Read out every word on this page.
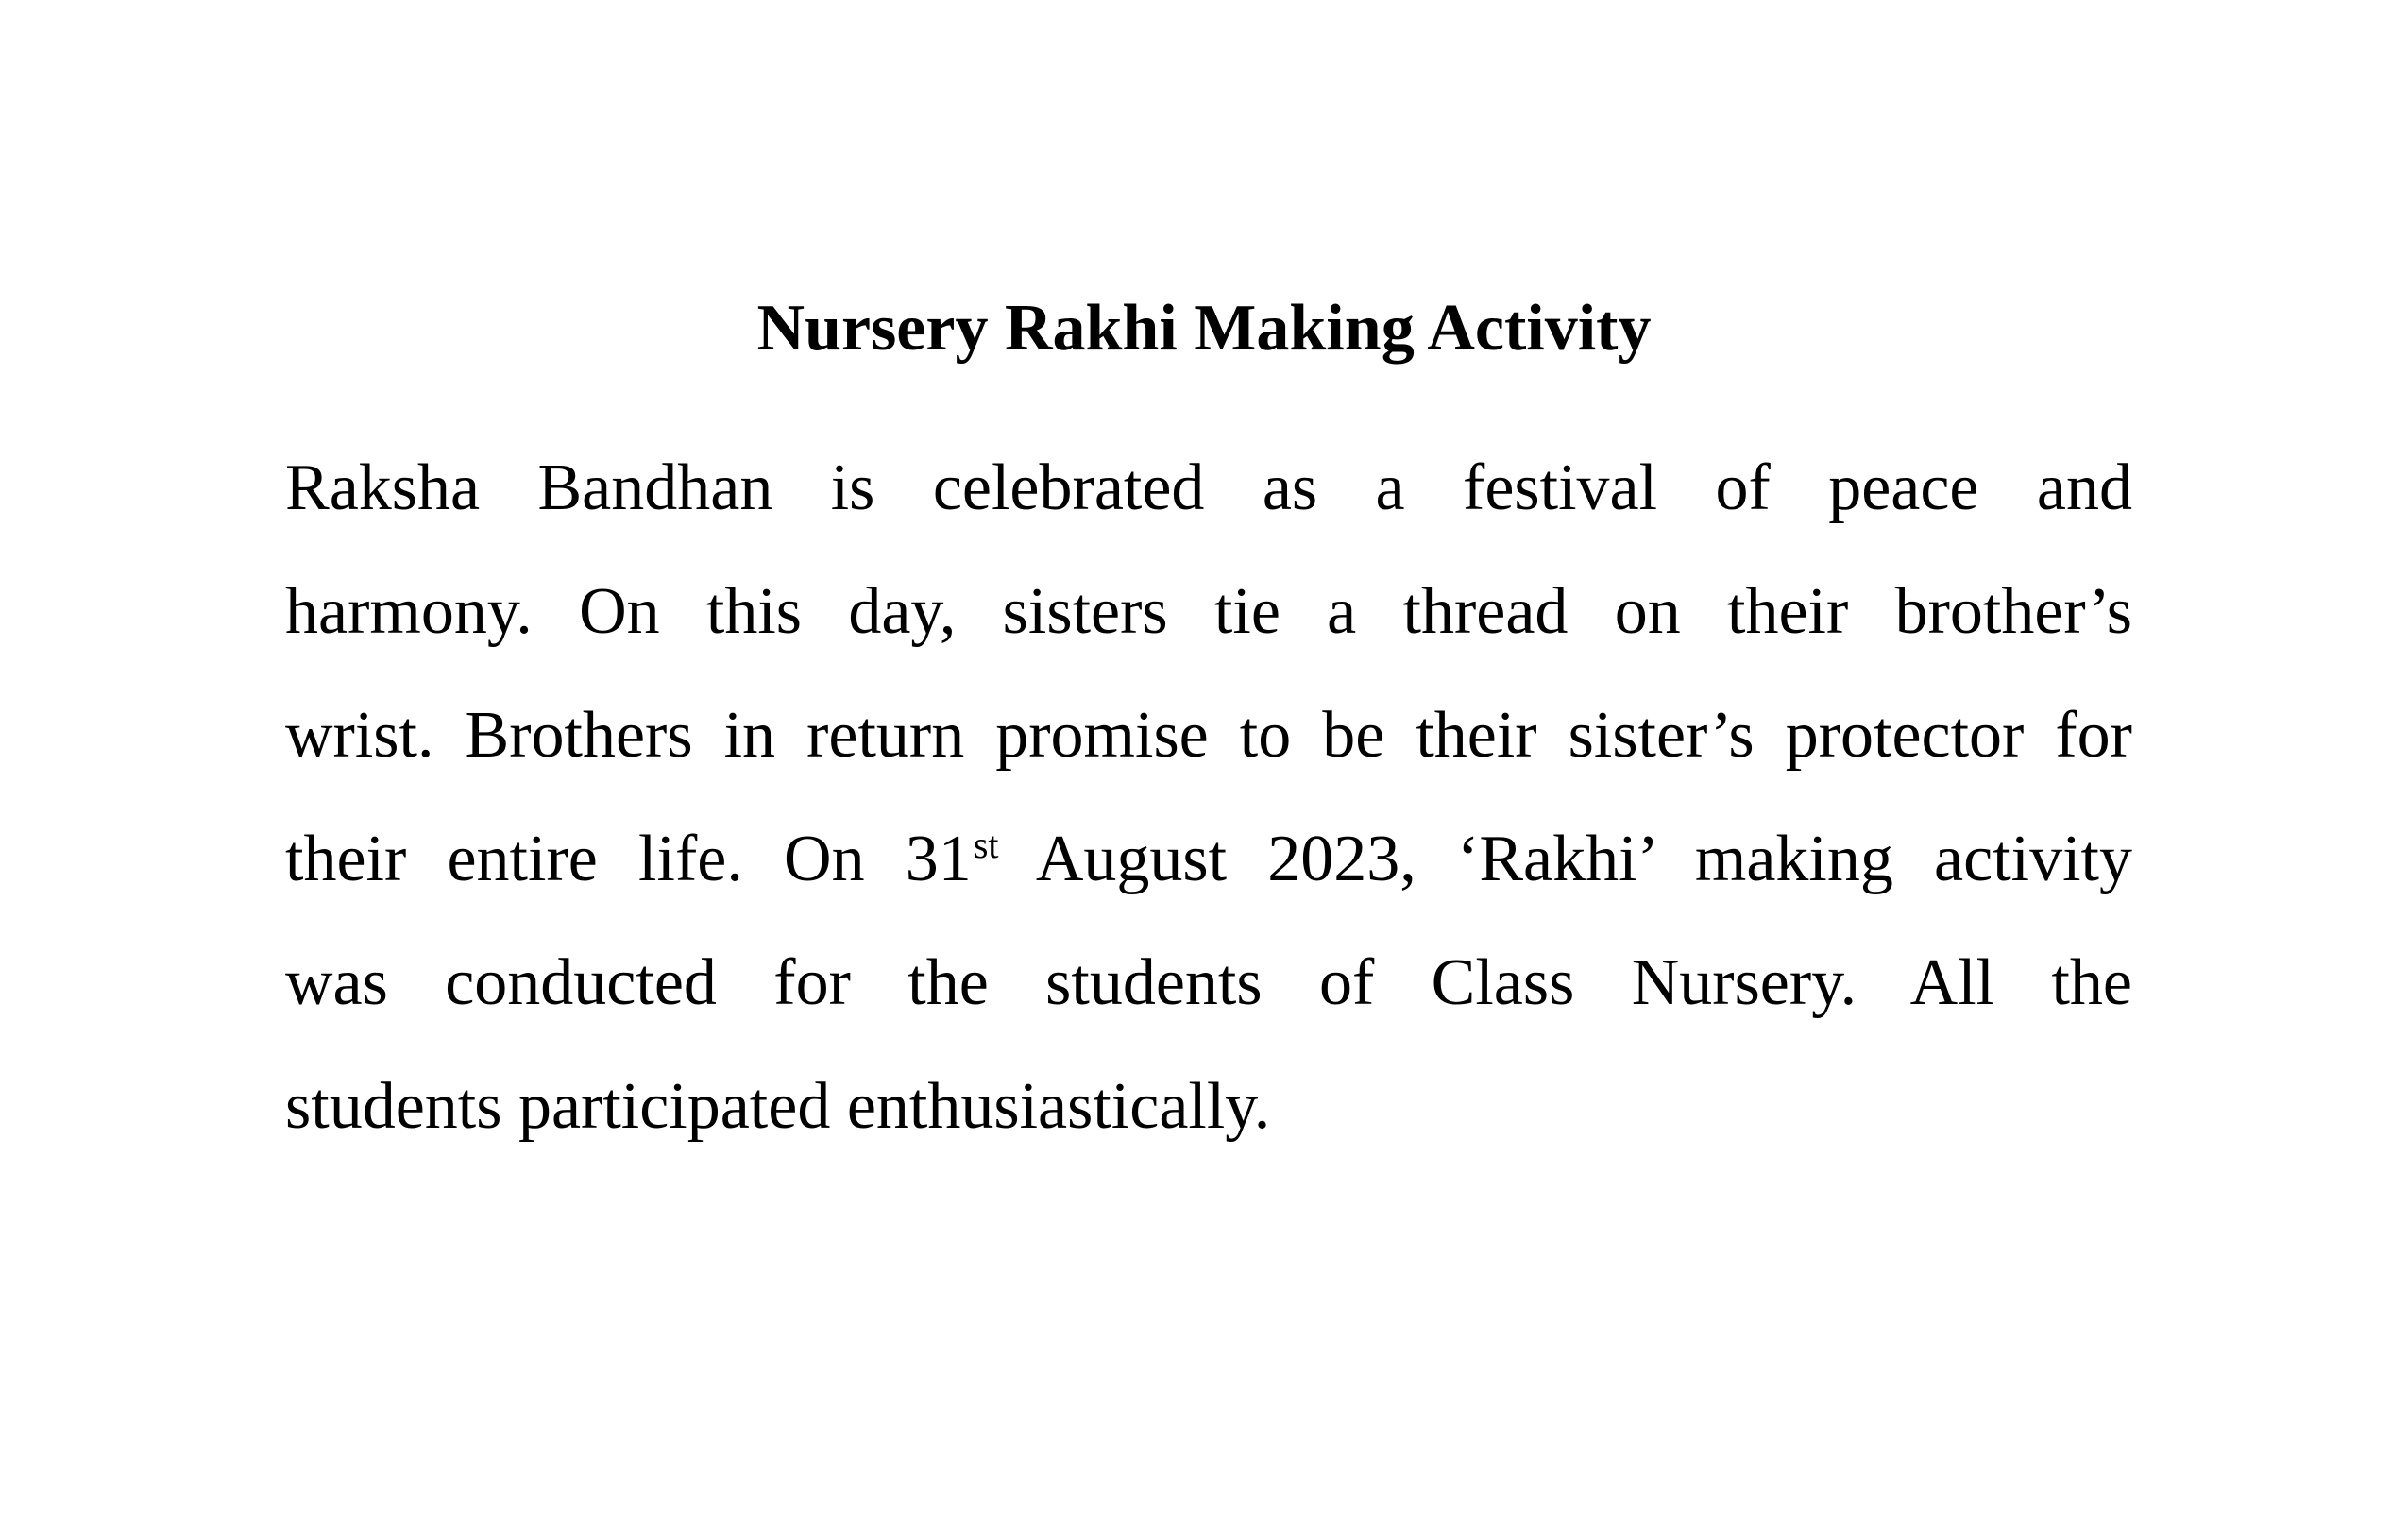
Nursery Rakhi Making Activity
Raksha Bandhan is celebrated as a festival of peace and
harmony. On this day, sisters tie a thread on their brother’s
wrist. Brothers in return promise to be their sister’s protector for
their entire life. On 31st August 2023, ‘Rakhi’ making activity
was conducted for the students of Class Nursery. All the
students participated enthusiastically.
